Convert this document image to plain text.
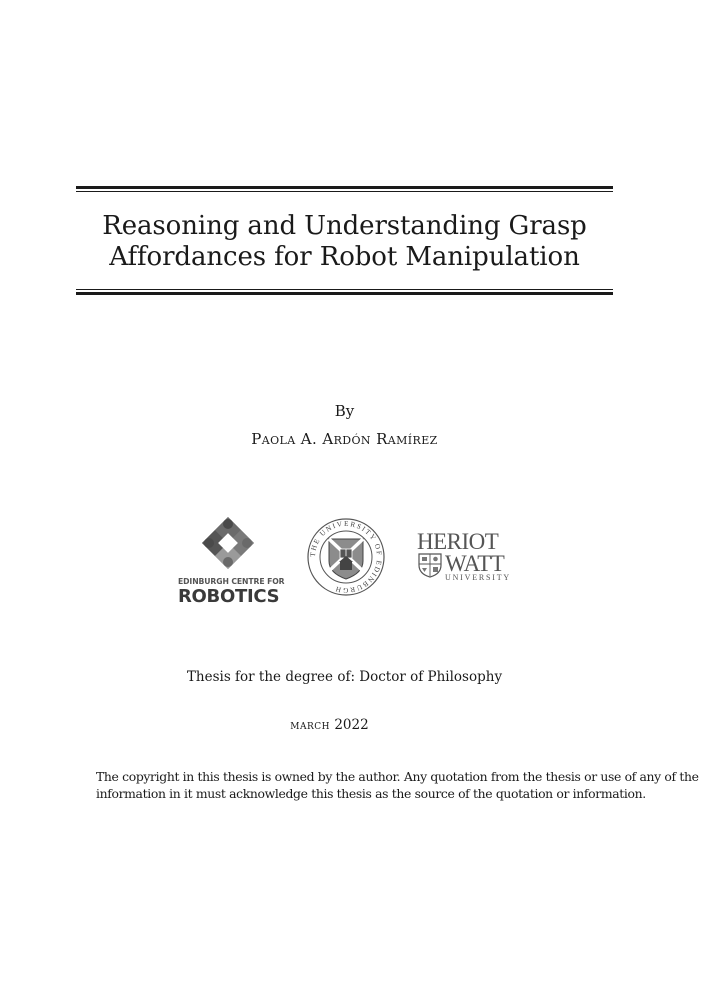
Reasoning and Understanding Grasp
Affordances for Robot Manipulation
By
Paola A. Ardón Ramírez
EDINBURGH CENTRE FOR
ROBOTICS
THE UNIVERSITY OF EDINBURGH
HERIOT
WATT
UNIVERSITY
Thesis for the degree of: Doctor of Philosophy
march 2022
The copyright in this thesis is owned by the author. Any quotation from the thesis or use of any of the
information in it must acknowledge this thesis as the source of the quotation or information.
